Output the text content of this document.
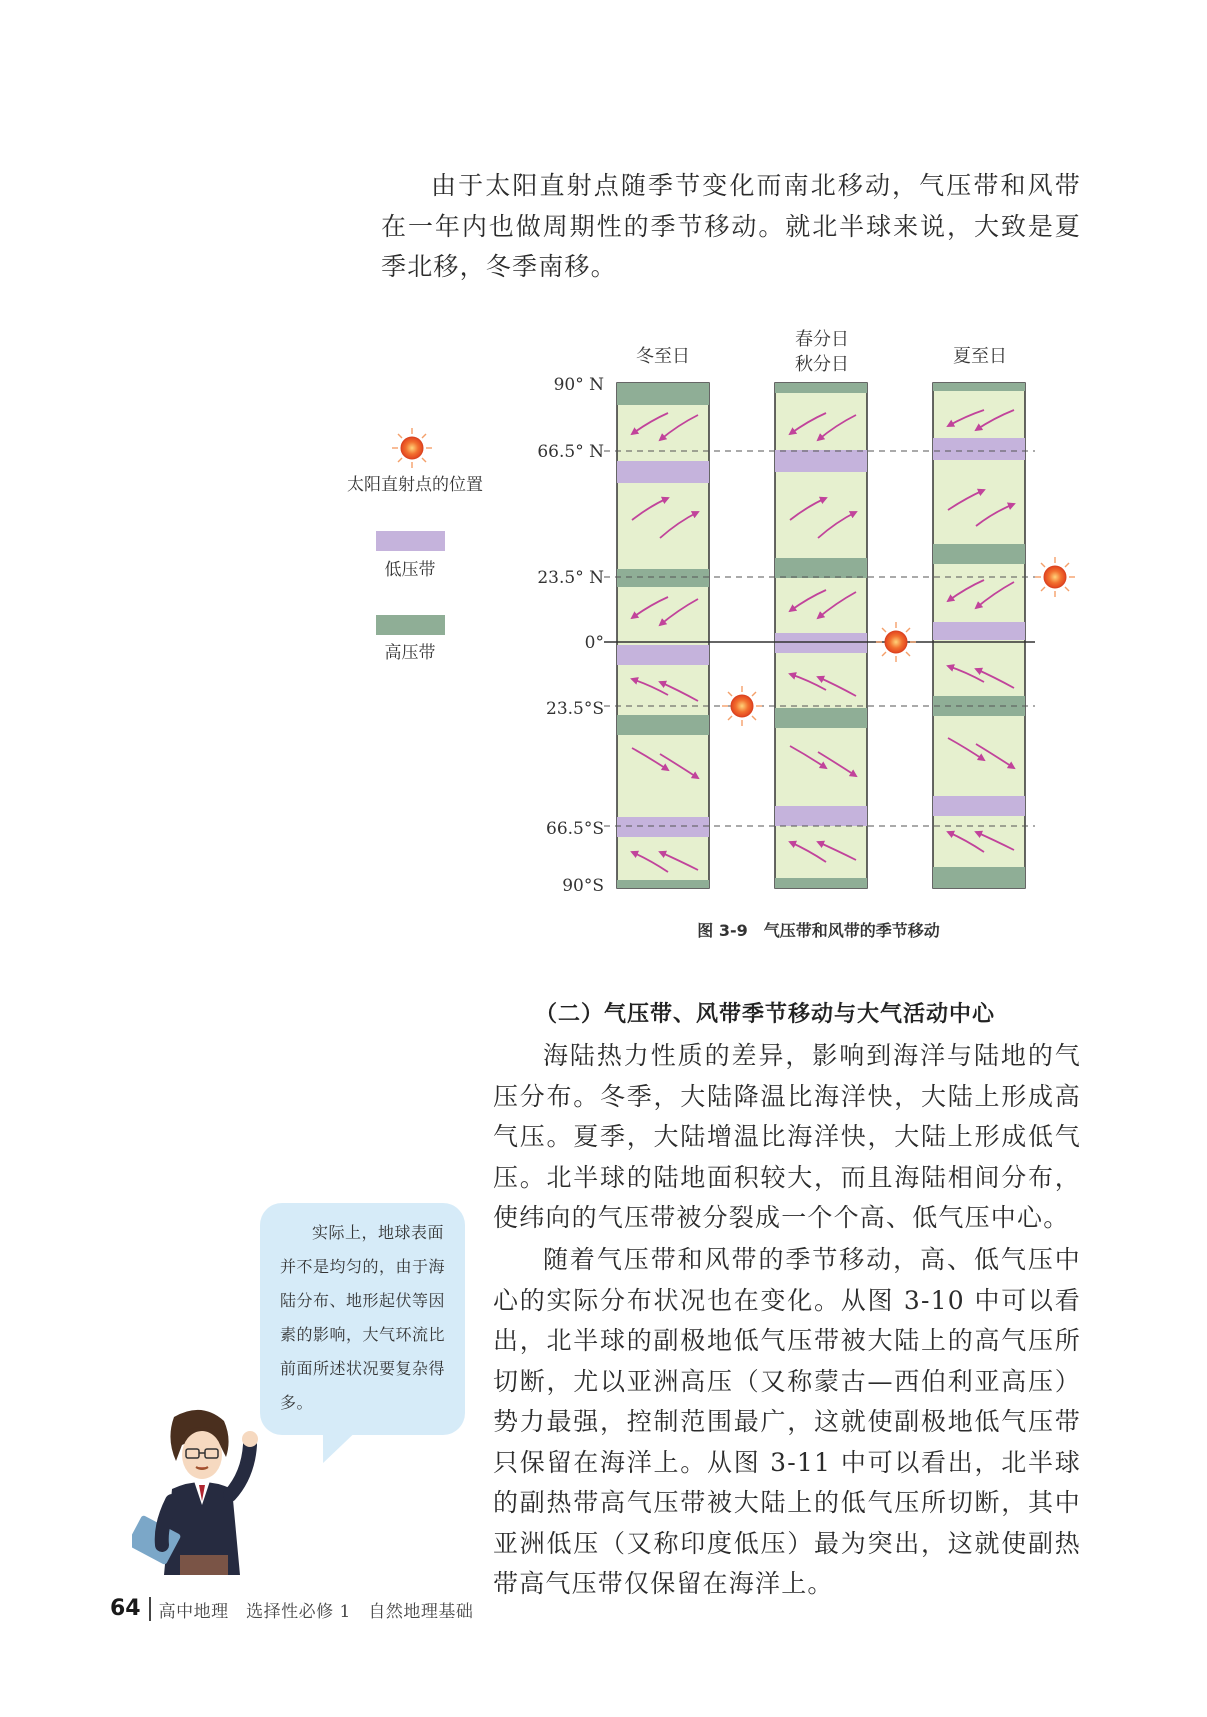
由于太阳直射点随季节变化而南北移动，气压带和风带在一年内也做周期性的季节移动。就北半球来说，大致是夏季北移，冬季南移。

冬至日
春分日
秋分日	夏至日
90° N
66.5° N
23.5° N
0°
23.5°S
66.5°S
90°S
太阳直射点的位置
低压带
高压带
图 3-9　气压带和风带的季节移动
（二）气压带、风带季节移动与大气活动中心

海陆热力性质的差异，影响到海洋与陆地的气压分布。冬季，大陆降温比海洋快，大陆上形成高气压。夏季，大陆增温比海洋快，大陆上形成低气压。北半球的陆地面积较大，而且海陆相间分布，使纬向的气压带被分裂成一个个高、低气压中心。

随着气压带和风带的季节移动，高、低气压中心的实际分布状况也在变化。从图 3-10 中可以看出，北半球的副极地低气压带被大陆上的高气压所切断，尤以亚洲高压（又称蒙古—西伯利亚高压）势力最强，控制范围最广，这就使副极地低气压带只保留在海洋上。从图 3-11 中可以看出，北半球的副热带高气压带被大陆上的低气压所切断，其中亚洲低压（又称印度低压）最为突出，这就使副热带高气压带仅保留在海洋上。

实际上，地球表面并不是均匀的，由于海陆分布、地形起伏等因素的影响，大气环流比前面所述状况要复杂得多。

64	高中地理　选择性必修 1　自然地理基础
